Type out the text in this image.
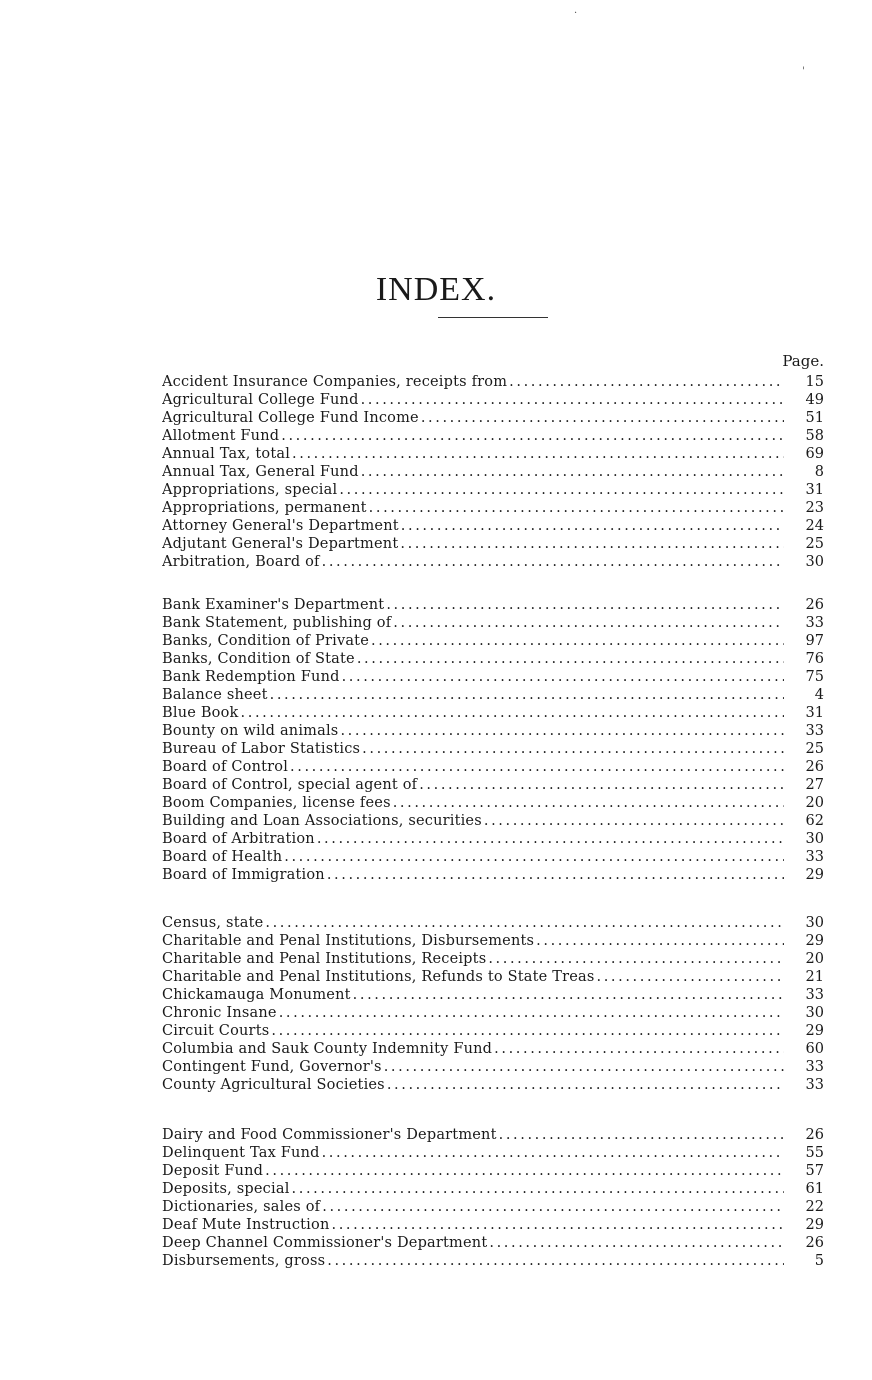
·
'
INDEX.
Page.
Accident Insurance Companies, receipts from .....	15
Agricultural College Fund .....	49
Agricultural College Fund Income .....	51
Allotment Fund .....	58
Annual Tax, total .....	69
Annual Tax, General Fund .....	8
Appropriations, special .....	31
Appropriations, permanent .....	23
Attorney General's Department .....	24
Adjutant General's Department .....	25
Arbitration, Board of .....	30
Bank Examiner's Department .....	26
Bank Statement, publishing of .....	33
Banks, Condition of Private .....	97
Banks, Condition of State .....	76
Bank Redemption Fund .....	75
Balance sheet .....	4
Blue Book .....	31
Bounty on wild animals .....	33
Bureau of Labor Statistics .....	25
Board of Control .....	26
Board of Control, special agent of .....	27
Boom Companies, license fees .....	20
Building and Loan Associations, securities .....	62
Board of Arbitration .....	30
Board of Health .....	33
Board of Immigration .....	29
Census, state .....	30
Charitable and Penal Institutions, Disbursements .....	29
Charitable and Penal Institutions, Receipts .....	20
Charitable and Penal Institutions, Refunds to State Treas .....	21
Chickamauga Monument .....	33
Chronic Insane .....	30
Circuit Courts .....	29
Columbia and Sauk County Indemnity Fund .....	60
Contingent Fund, Governor's .....	33
County Agricultural Societies .....	33
Dairy and Food Commissioner's Department .....	26
Delinquent Tax Fund .....	55
Deposit Fund .....	57
Deposits, special .....	61
Dictionaries, sales of .....	22
Deaf Mute Instruction .....	29
Deep Channel Commissioner's Department .....	26
Disbursements, gross .....	5
